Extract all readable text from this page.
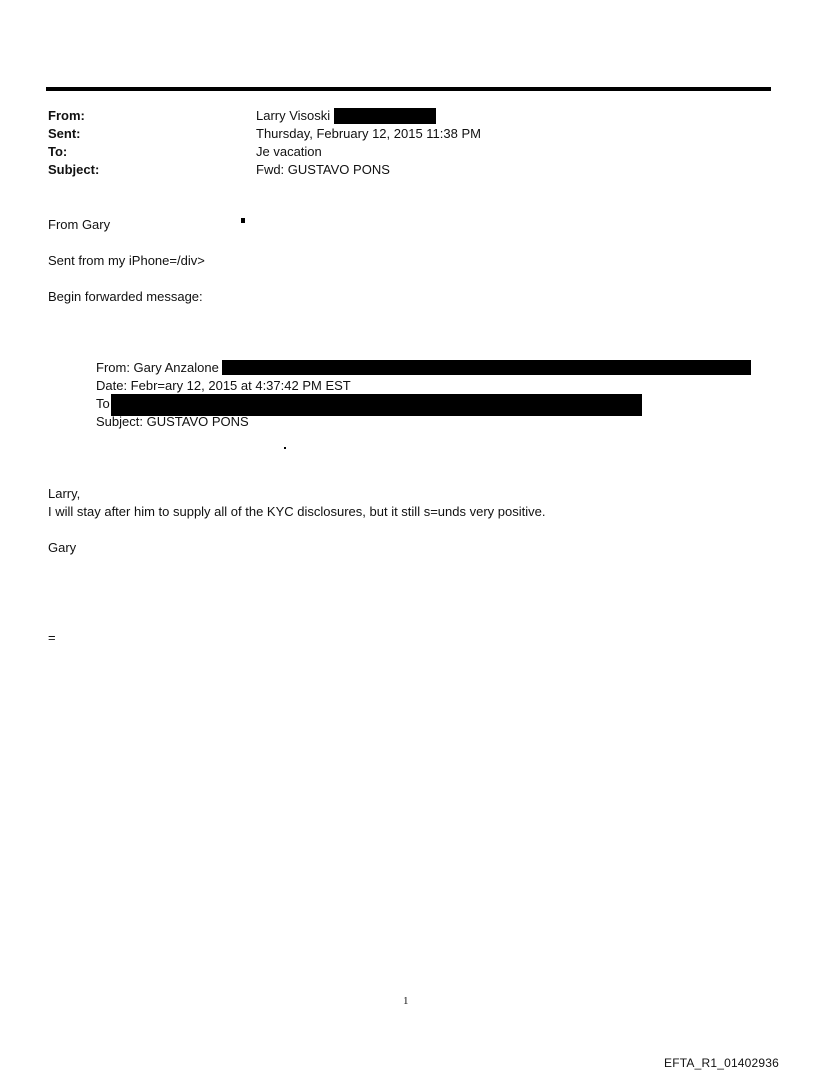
From:	Larry Visoski
Sent:	Thursday, February 12, 2015 11:38 PM
To:	Je vacation
Subject:	Fwd: GUSTAVO PONS
From Gary
Sent from my iPhone=/div>
Begin forwarded message:
From: Gary Anzalone
Date: Febr=ary 12, 2015 at 4:37:42 PM EST
To
Subject: GUSTAVO PONS
Larry,
I will stay after him to supply all of the KYC disclosures, but it still s=unds very positive.
Gary
=
1
EFTA_R1_01402936
